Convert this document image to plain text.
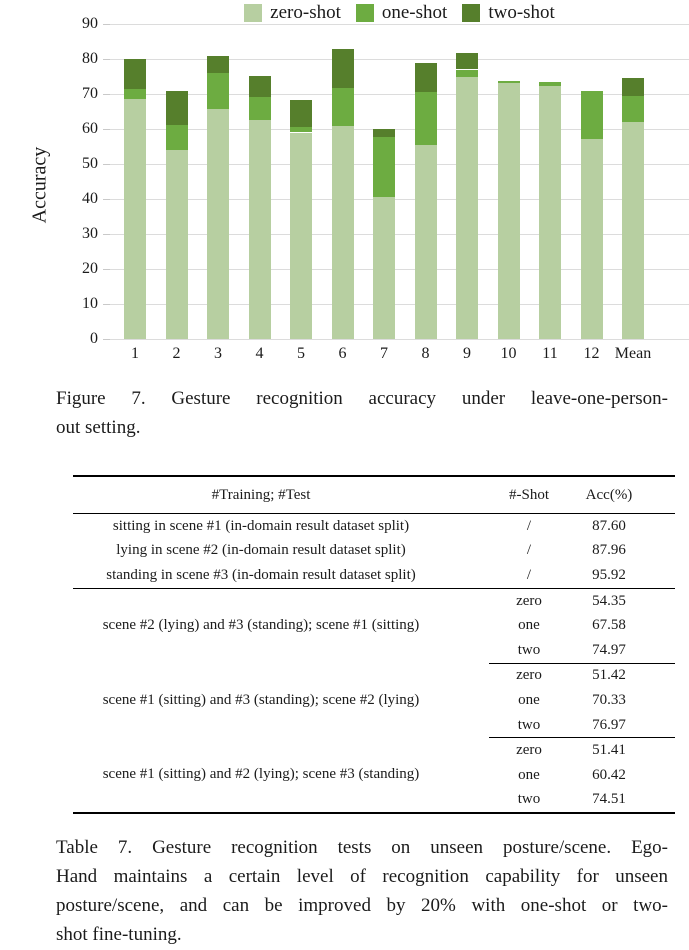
zero-shot one-shot two-shot
Accuracy
0
10
20
30
40
50
60
70
80
90
1	2	3	4	5	6	7	8	9	10	11	12 Mean
Figure 7. Gesture recognition accuracy under leave-one-person-
out setting.
#Training; #Test	#-Shot	Acc(%)
sitting in scene #1 (in-domain result dataset split)	/	87.60
lying in scene #2 (in-domain result dataset split)	/	87.96
standing in scene #3 (in-domain result dataset split)	/	95.92
scene #2 (lying) and #3 (standing); scene #1 (sitting)	zero	54.35
	one	67.58
	two	74.97
scene #1 (sitting) and #3 (standing); scene #2 (lying)	zero	51.42
	one	70.33
	two	76.97
scene #1 (sitting) and #2 (lying); scene #3 (standing)	zero	51.41
	one	60.42
	two	74.51
Table 7. Gesture recognition tests on unseen posture/scene. Ego-
Hand maintains a certain level of recognition capability for unseen
posture/scene, and can be improved by 20% with one-shot or two-
shot fine-tuning.
